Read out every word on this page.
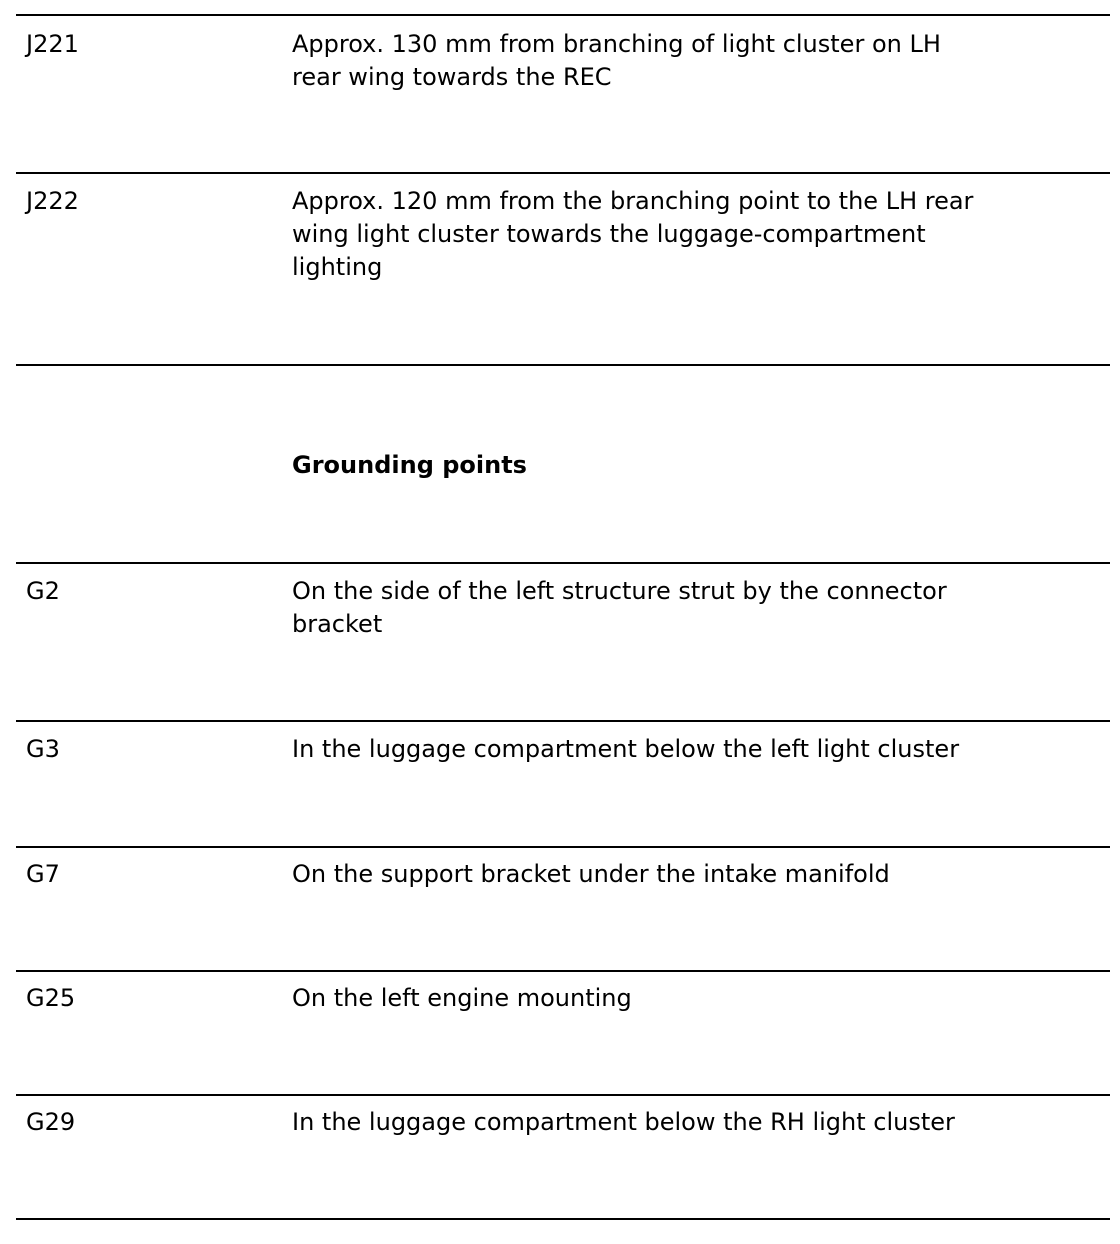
J221	Approx. 130 mm from branching of light cluster on LH
rear wing towards the REC
J222	Approx. 120 mm from the branching point to the LH rear
wing light cluster towards the luggage-compartment
lighting
Grounding points
G2	On the side of the left structure strut by the connector
bracket
G3	In the luggage compartment below the left light cluster
G7	On the support bracket under the intake manifold
G25	On the left engine mounting
G29	In the luggage compartment below the RH light cluster
